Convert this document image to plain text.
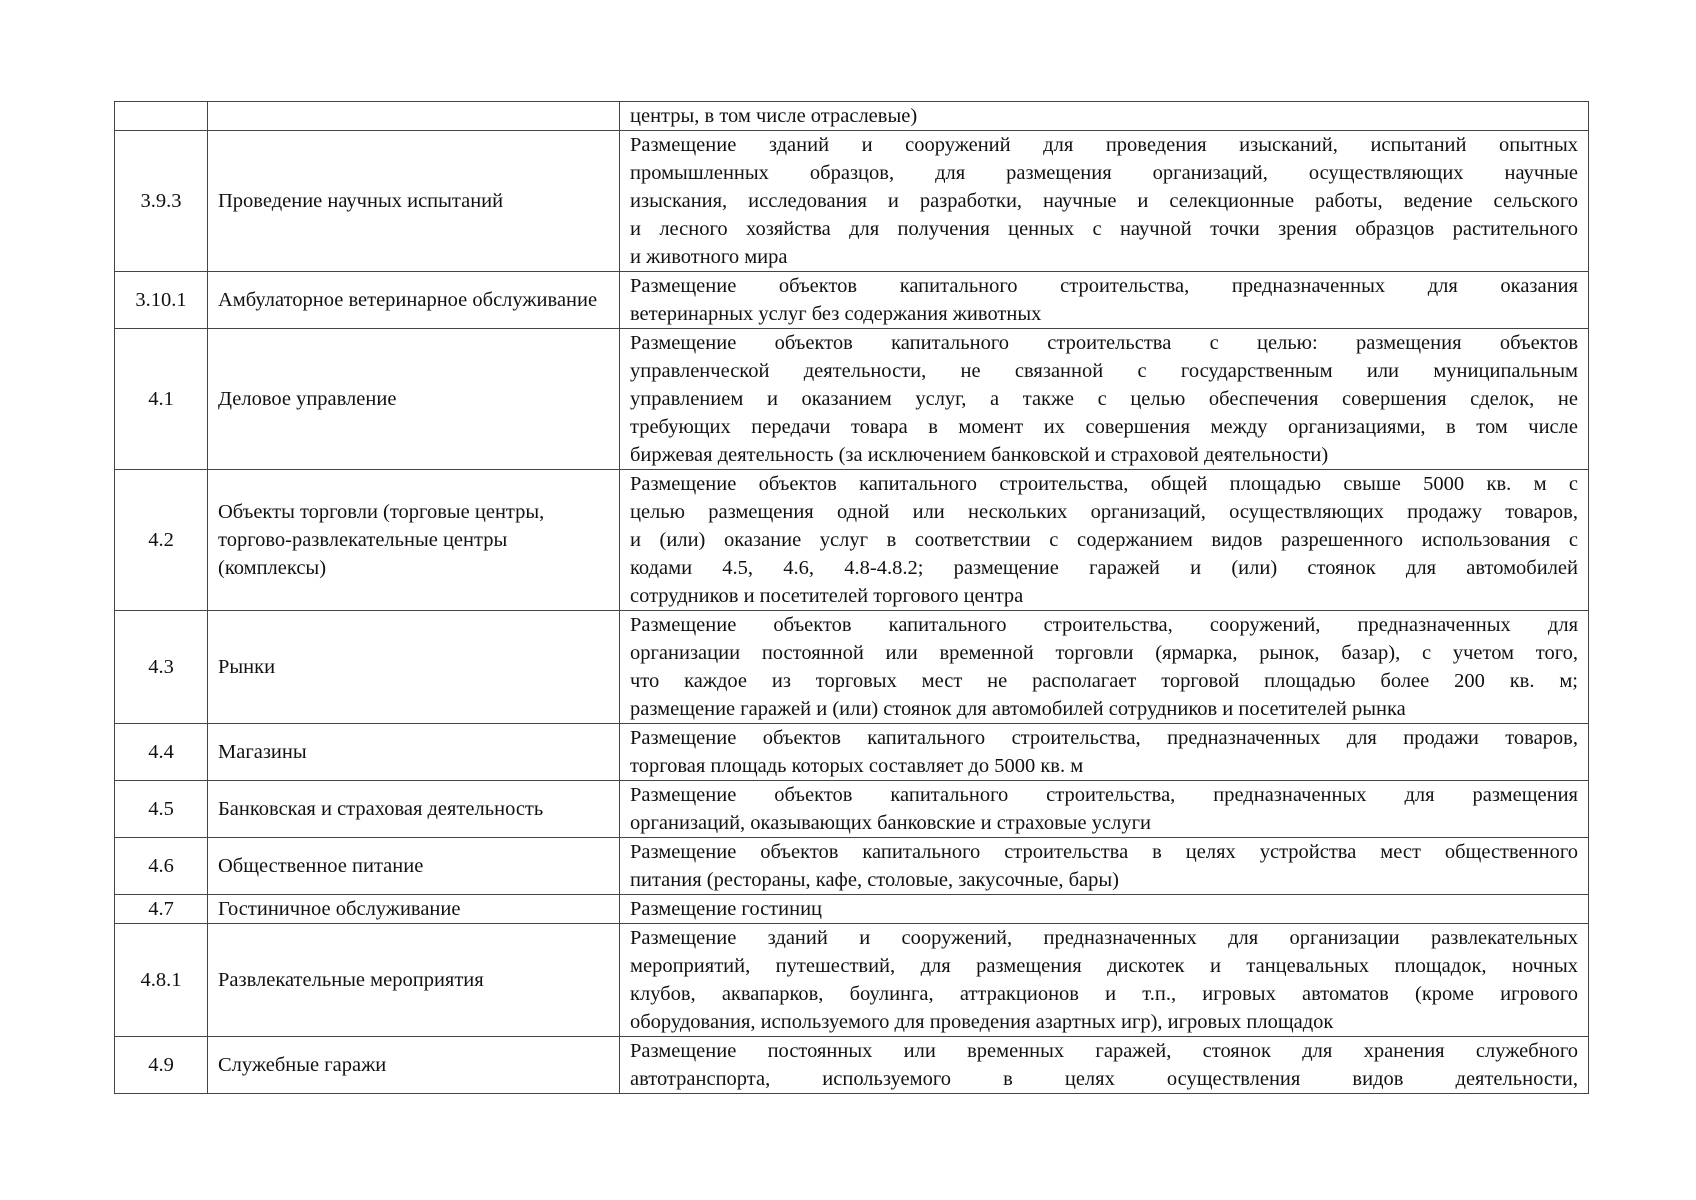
		центры, в том числе отраслевые)

3.9.3	Проведение научных испытаний	Размещение зданий и сооружений для проведения изысканий, испытаний опытных
промышленных образцов, для размещения организаций, осуществляющих научные
изыскания, исследования и разработки, научные и селекционные работы, ведение сельского
и лесного хозяйства для получения ценных с научной точки зрения образцов растительного
и животного мира

3.10.1	Амбулаторное ветеринарное обслуживание	Размещение объектов капитального строительства, предназначенных для оказания
ветеринарных услуг без содержания животных

4.1	Деловое управление	Размещение объектов капитального строительства с целью: размещения объектов
управленческой деятельности, не связанной с государственным или муниципальным
управлением и оказанием услуг, а также с целью обеспечения совершения сделок, не
требующих передачи товара в момент их совершения между организациями, в том числе
биржевая деятельность (за исключением банковской и страховой деятельности)

4.2	Объекты торговли (торговые центры, торгово-развлекательные центры (комплексы)	Размещение объектов капитального строительства, общей площадью свыше 5000 кв. м с
целью размещения одной или нескольких организаций, осуществляющих продажу товаров,
и (или) оказание услуг в соответствии с содержанием видов разрешенного использования с
кодами 4.5, 4.6, 4.8-4.8.2; размещение гаражей и (или) стоянок для автомобилей
сотрудников и посетителей торгового центра

4.3	Рынки	Размещение объектов капитального строительства, сооружений, предназначенных для
организации постоянной или временной торговли (ярмарка, рынок, базар), с учетом того,
что каждое из торговых мест не располагает торговой площадью более 200 кв. м;
размещение гаражей и (или) стоянок для автомобилей сотрудников и посетителей рынка

4.4	Магазины	Размещение объектов капитального строительства, предназначенных для продажи товаров,
торговая площадь которых составляет до 5000 кв. м

4.5	Банковская и страховая деятельность	Размещение объектов капитального строительства, предназначенных для размещения
организаций, оказывающих банковские и страховые услуги

4.6	Общественное питание	Размещение объектов капитального строительства в целях устройства мест общественного
питания (рестораны, кафе, столовые, закусочные, бары)

4.7	Гостиничное обслуживание	Размещение гостиниц

4.8.1	Развлекательные мероприятия	Размещение зданий и сооружений, предназначенных для организации развлекательных
мероприятий, путешествий, для размещения дискотек и танцевальных площадок, ночных
клубов, аквапарков, боулинга, аттракционов и т.п., игровых автоматов (кроме игрового
оборудования, используемого для проведения азартных игр), игровых площадок

4.9	Служебные гаражи	Размещение постоянных или временных гаражей, стоянок для хранения служебного
автотранспорта, используемого в целях осуществления видов деятельности,
